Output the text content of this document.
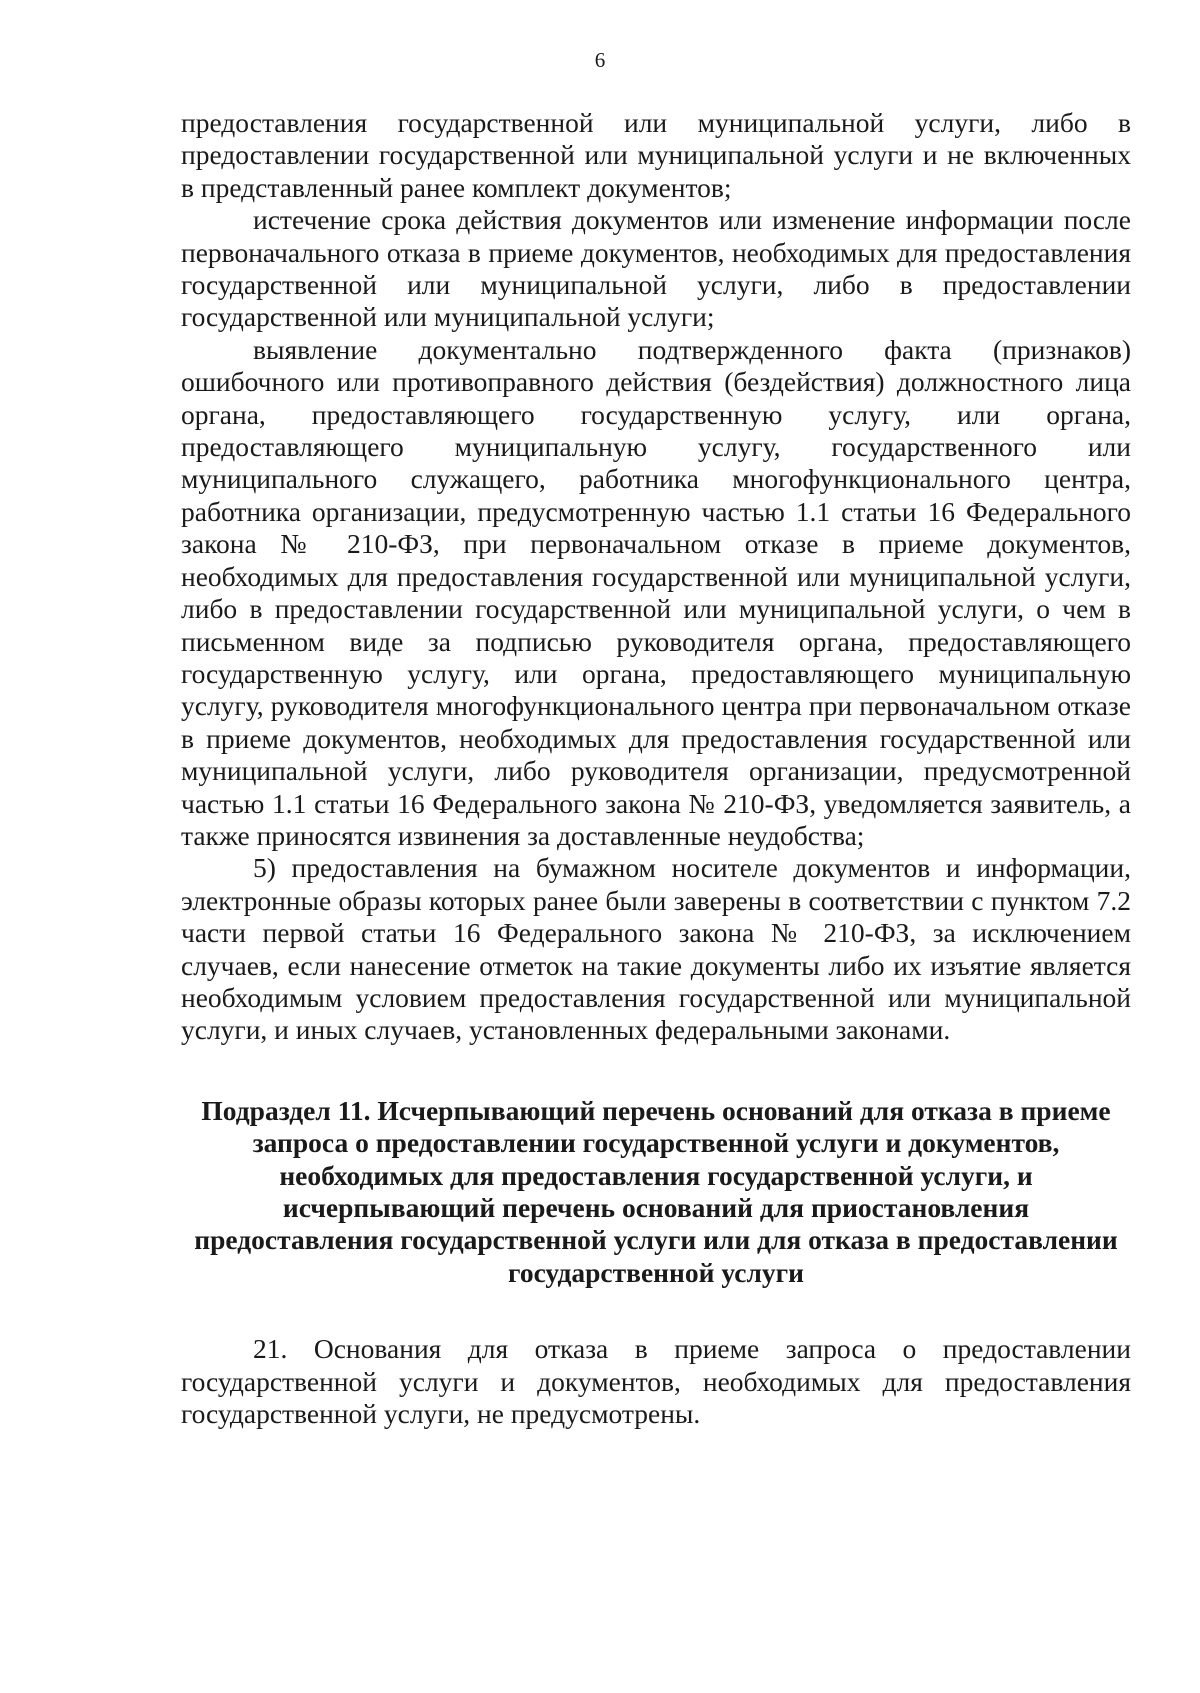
6

предоставления государственной или муниципальной услуги, либо в предоставлении государственной или муниципальной услуги и не включенных в представленный ранее комплект документов;

истечение срока действия документов или изменение информации после первоначального отказа в приеме документов, необходимых для предоставления государственной или муниципальной услуги, либо в предоставлении государственной или муниципальной услуги;

выявление документально подтвержденного факта (признаков) ошибочного или противоправного действия (бездействия) должностного лица органа, предоставляющего государственную услугу, или органа, предоставляющего муниципальную услугу, государственного или муниципального служащего, работника многофункционального центра, работника организации, предусмотренную частью 1.1 статьи 16 Федерального закона № 210-ФЗ, при первоначальном отказе в приеме документов, необходимых для предоставления государственной или муниципальной услуги, либо в предоставлении государственной или муниципальной услуги, о чем в письменном виде за подписью руководителя органа, предоставляющего государственную услугу, или органа, предоставляющего муниципальную услугу, руководителя многофункционального центра при первоначальном отказе в приеме документов, необходимых для предоставления государственной или муниципальной услуги, либо руководителя организации, предусмотренной частью 1.1 статьи 16 Федерального закона № 210-ФЗ, уведомляется заявитель, а также приносятся извинения за доставленные неудобства;

5) предоставления на бумажном носителе документов и информации, электронные образы которых ранее были заверены в соответствии с пунктом 7.2 части первой статьи 16 Федерального закона № 210-ФЗ, за исключением случаев, если нанесение отметок на такие документы либо их изъятие является необходимым условием предоставления государственной или муниципальной услуги, и иных случаев, установленных федеральными законами.

Подраздел 11. Исчерпывающий перечень оснований для отказа в приеме запроса о предоставлении государственной услуги и документов, необходимых для предоставления государственной услуги, и исчерпывающий перечень оснований для приостановления предоставления государственной услуги или для отказа в предоставлении государственной услуги

21. Основания для отказа в приеме запроса о предоставлении государственной услуги и документов, необходимых для предоставления государственной услуги, не предусмотрены.
